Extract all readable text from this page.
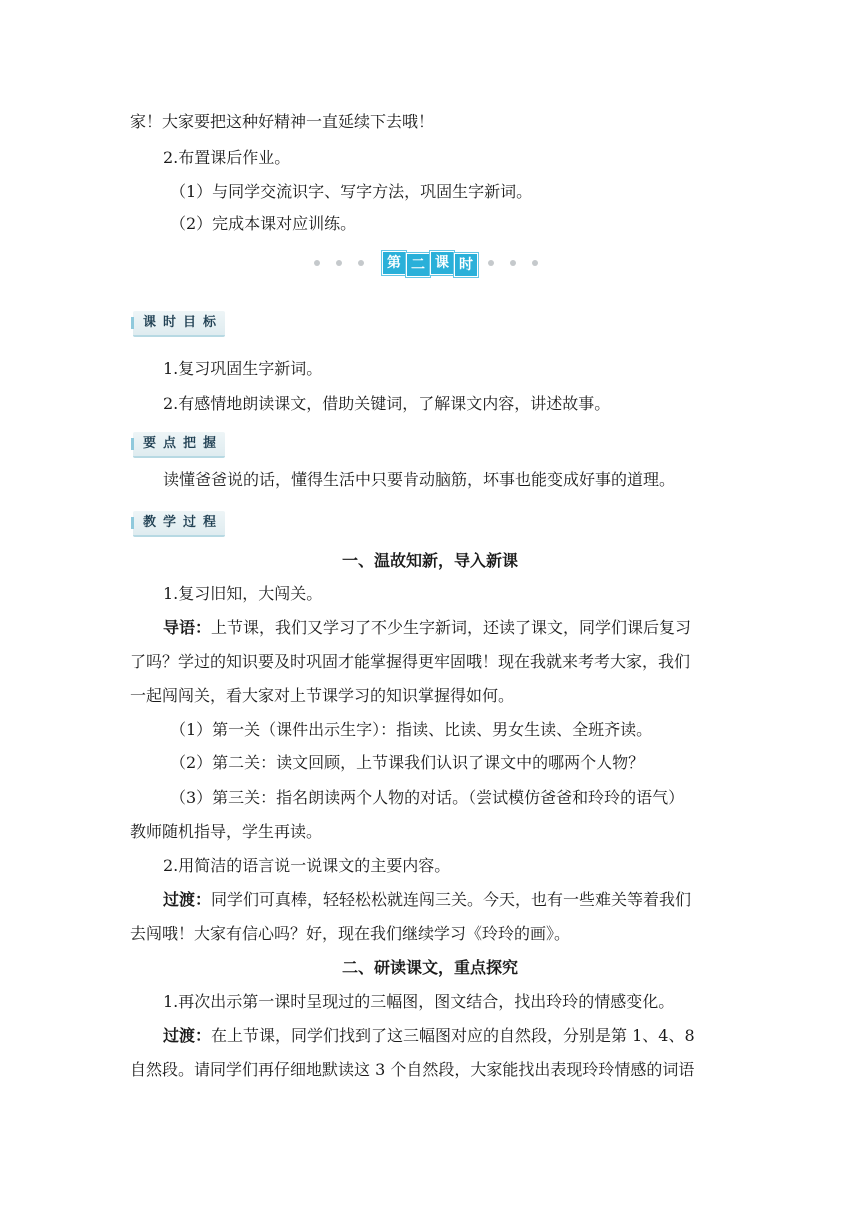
家！大家要把这种好精神一直延续下去哦！
2.布置课后作业。
（1）与同学交流识字、写字方法，巩固生字新词。
（2）完成本课对应训练。
第 二 课 时
课时目标
1.复习巩固生字新词。
2.有感情地朗读课文，借助关键词，了解课文内容，讲述故事。
要点把握
读懂爸爸说的话，懂得生活中只要肯动脑筋，坏事也能变成好事的道理。
教学过程
一、温故知新，导入新课
1.复习旧知，大闯关。
导语：上节课，我们又学习了不少生字新词，还读了课文，同学们课后复习
了吗？学过的知识要及时巩固才能掌握得更牢固哦！现在我就来考考大家，我们
一起闯闯关，看大家对上节课学习的知识掌握得如何。
（1）第一关（课件出示生字）：指读、比读、男女生读、全班齐读。
（2）第二关：读文回顾，上节课我们认识了课文中的哪两个人物？
（3）第三关：指名朗读两个人物的对话。（尝试模仿爸爸和玲玲的语气）
教师随机指导，学生再读。
2.用简洁的语言说一说课文的主要内容。
过渡：同学们可真棒，轻轻松松就连闯三关。今天，也有一些难关等着我们
去闯哦！大家有信心吗？好，现在我们继续学习《玲玲的画》。
二、研读课文，重点探究
1.再次出示第一课时呈现过的三幅图，图文结合，找出玲玲的情感变化。
过渡：在上节课，同学们找到了这三幅图对应的自然段，分别是第 1、4、8
自然段。请同学们再仔细地默读这 3 个自然段，大家能找出表现玲玲情感的词语
